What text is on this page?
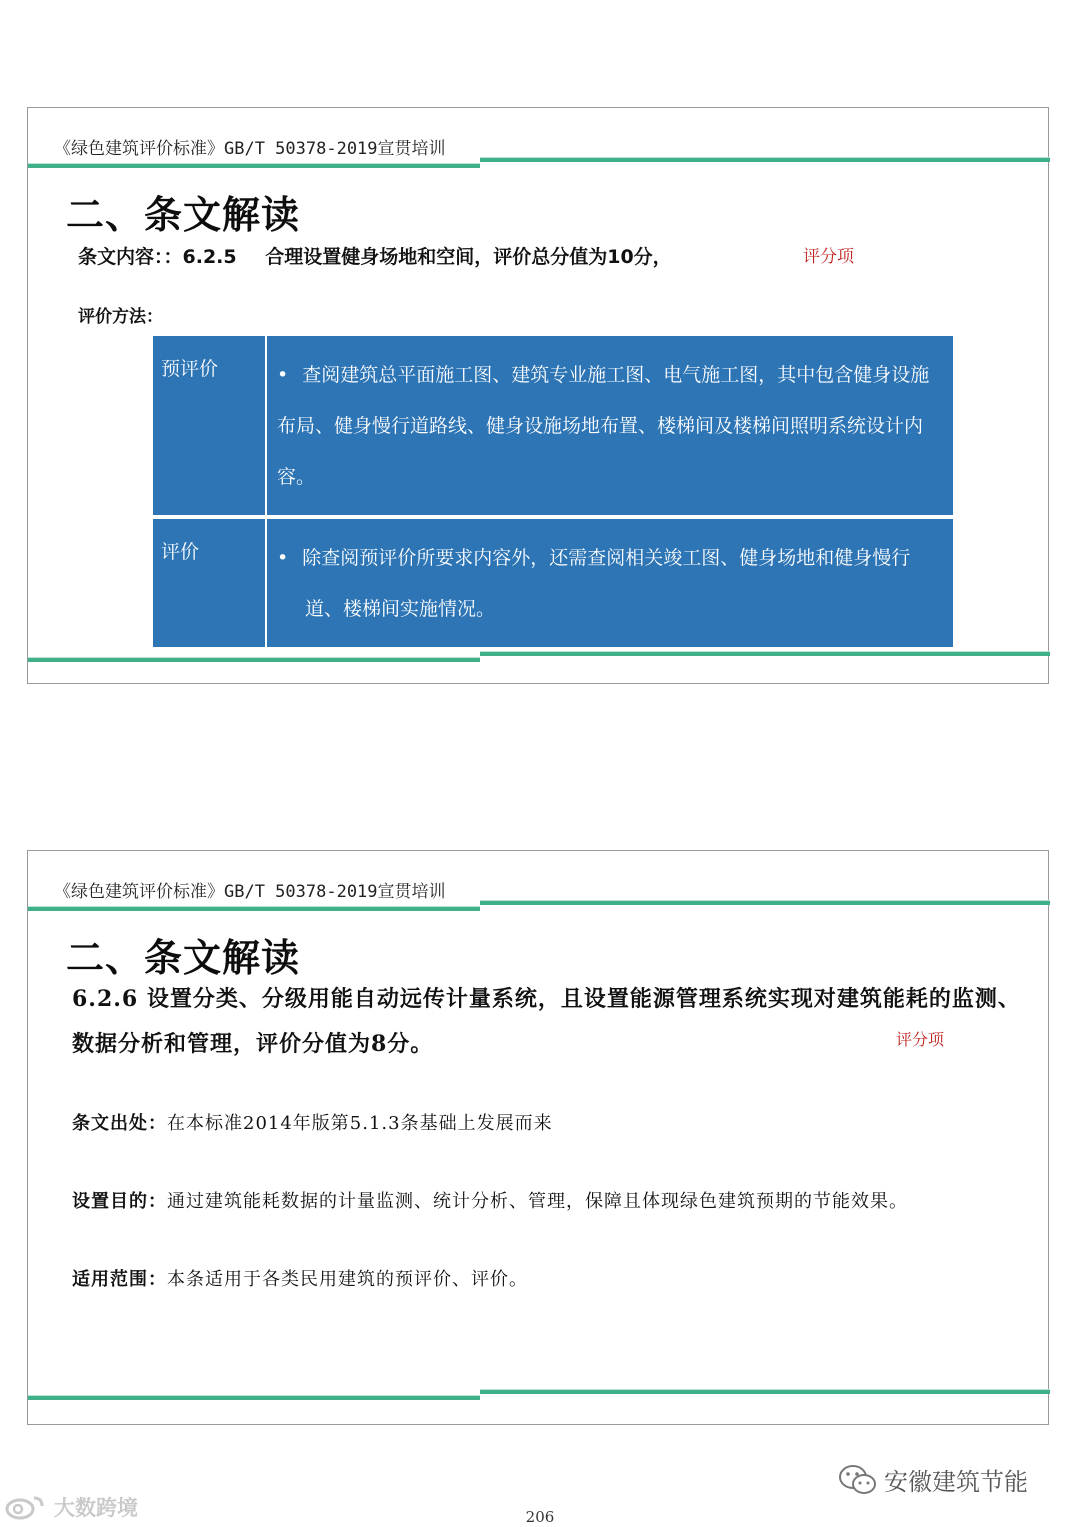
《绿色建筑评价标准》GB/T 50378-2019宣贯培训
二、条文解读
条文内容：：6.2.5 合理设置健身场地和空间，评价总分值为10分，	评分项
评价方法：
预评价	• 查阅建筑总平面施工图、建筑专业施工图、电气施工图，其中包含健身设施布局、健身慢行道路线、健身设施场地布置、楼梯间及楼梯间照明系统设计内容。
评价	• 除查阅预评价所要求内容外，还需查阅相关竣工图、健身场地和健身慢行道、楼梯间实施情况。
《绿色建筑评价标准》GB/T 50378-2019宣贯培训
二、条文解读
6.2.6 设置分类、分级用能自动远传计量系统，且设置能源管理系统实现对建筑能耗的监测、数据分析和管理，评价分值为8分。	评分项
条文出处：在本标准2014年版第5.1.3条基础上发展而来
设置目的：通过建筑能耗数据的计量监测、统计分析、管理，保障且体现绿色建筑预期的节能效果。
适用范围：本条适用于各类民用建筑的预评价、评价。
安徽建筑节能
大数跨境	206
